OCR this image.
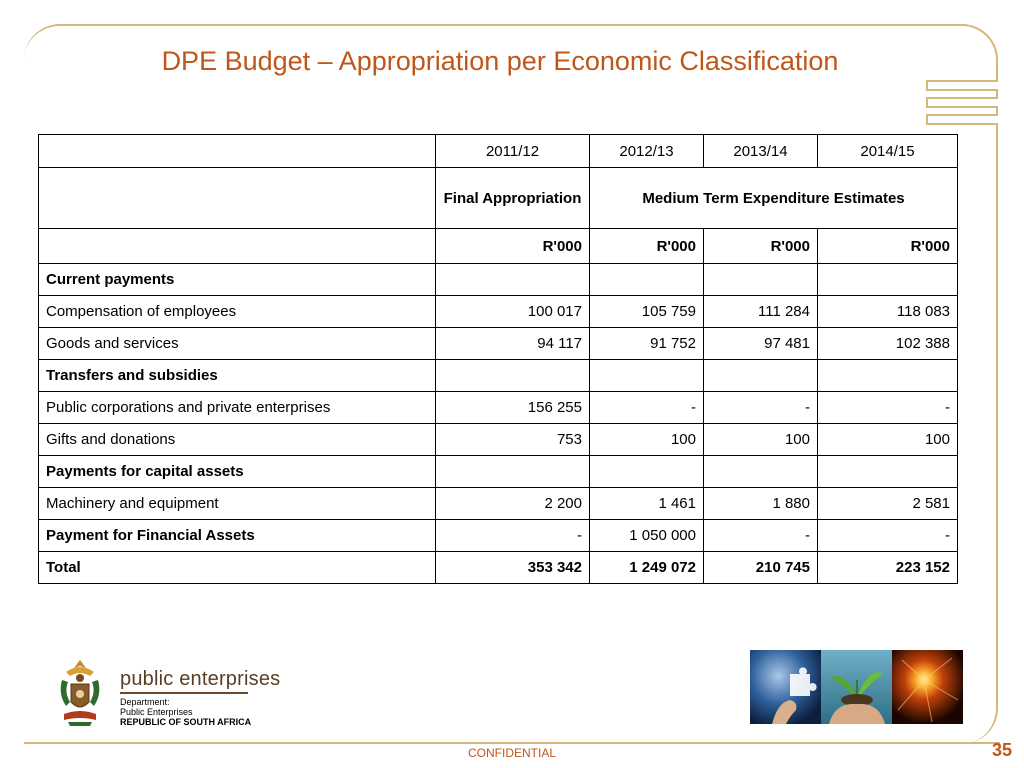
DPE Budget – Appropriation per Economic Classification
	2011/12	2012/13	2013/14	2014/15
	Final Appropriation	Medium Term Expenditure Estimates		
	R'000	R'000	R'000	R'000
Current payments				
Compensation of employees	100 017	105 759	111 284	118 083
Goods and services	94 117	91 752	97 481	102 388
Transfers and subsidies				
Public corporations and private enterprises	156 255	-	-	-
Gifts and donations	753	100	100	100
Payments for capital assets				
Machinery and equipment	2 200	1 461	1 880	2 581
Payment for Financial Assets	-	1 050 000	-	-
Total	353 342	1 249 072	210 745	223 152
public enterprises
Department:
Public Enterprises
REPUBLIC OF SOUTH AFRICA
CONFIDENTIAL	35
